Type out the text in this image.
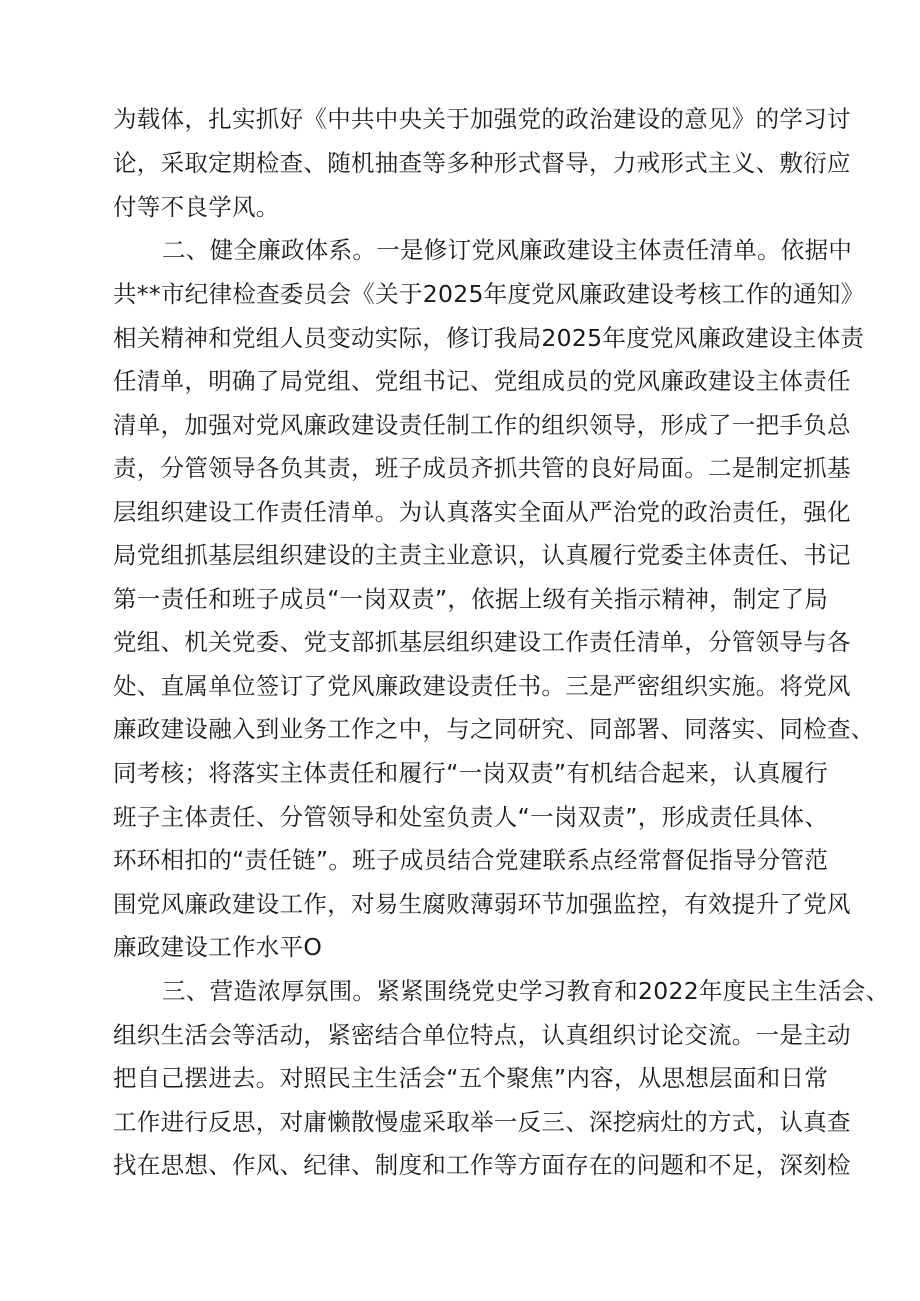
为载体，扎实抓好《中共中央关于加强党的政治建设的意见》的学习讨
论，采取定期检查、随机抽查等多种形式督导，力戒形式主义、敷衍应
付等不良学风。
二、健全廉政体系。一是修订党风廉政建设主体责任清单。依据中
共**市纪律检查委员会《关于2025年度党风廉政建设考核工作的通知》
相关精神和党组人员变动实际，修订我局2025年度党风廉政建设主体责
任清单，明确了局党组、党组书记、党组成员的党风廉政建设主体责任
清单，加强对党风廉政建设责任制工作的组织领导，形成了一把手负总
责，分管领导各负其责，班子成员齐抓共管的良好局面。二是制定抓基
层组织建设工作责任清单。为认真落实全面从严治党的政治责任，强化
局党组抓基层组织建设的主责主业意识，认真履行党委主体责任、书记
第一责任和班子成员“一岗双责”，依据上级有关指示精神，制定了局
党组、机关党委、党支部抓基层组织建设工作责任清单，分管领导与各
处、直属单位签订了党风廉政建设责任书。三是严密组织实施。将党风
廉政建设融入到业务工作之中，与之同研究、同部署、同落实、同检查、
同考核；将落实主体责任和履行“一岗双责”有机结合起来，认真履行
班子主体责任、分管领导和处室负责人“一岗双责”，形成责任具体、
环环相扣的“责任链”。班子成员结合党建联系点经常督促指导分管范
围党风廉政建设工作，对易生腐败薄弱环节加强监控，有效提升了党风
廉政建设工作水平O
三、营造浓厚氛围。紧紧围绕党史学习教育和2022年度民主生活会、
组织生活会等活动，紧密结合单位特点，认真组织讨论交流。一是主动
把自己摆进去。对照民主生活会“五个聚焦”内容，从思想层面和日常
工作进行反思，对庸懒散慢虚采取举一反三、深挖病灶的方式，认真查
找在思想、作风、纪律、制度和工作等方面存在的问题和不足，深刻检
